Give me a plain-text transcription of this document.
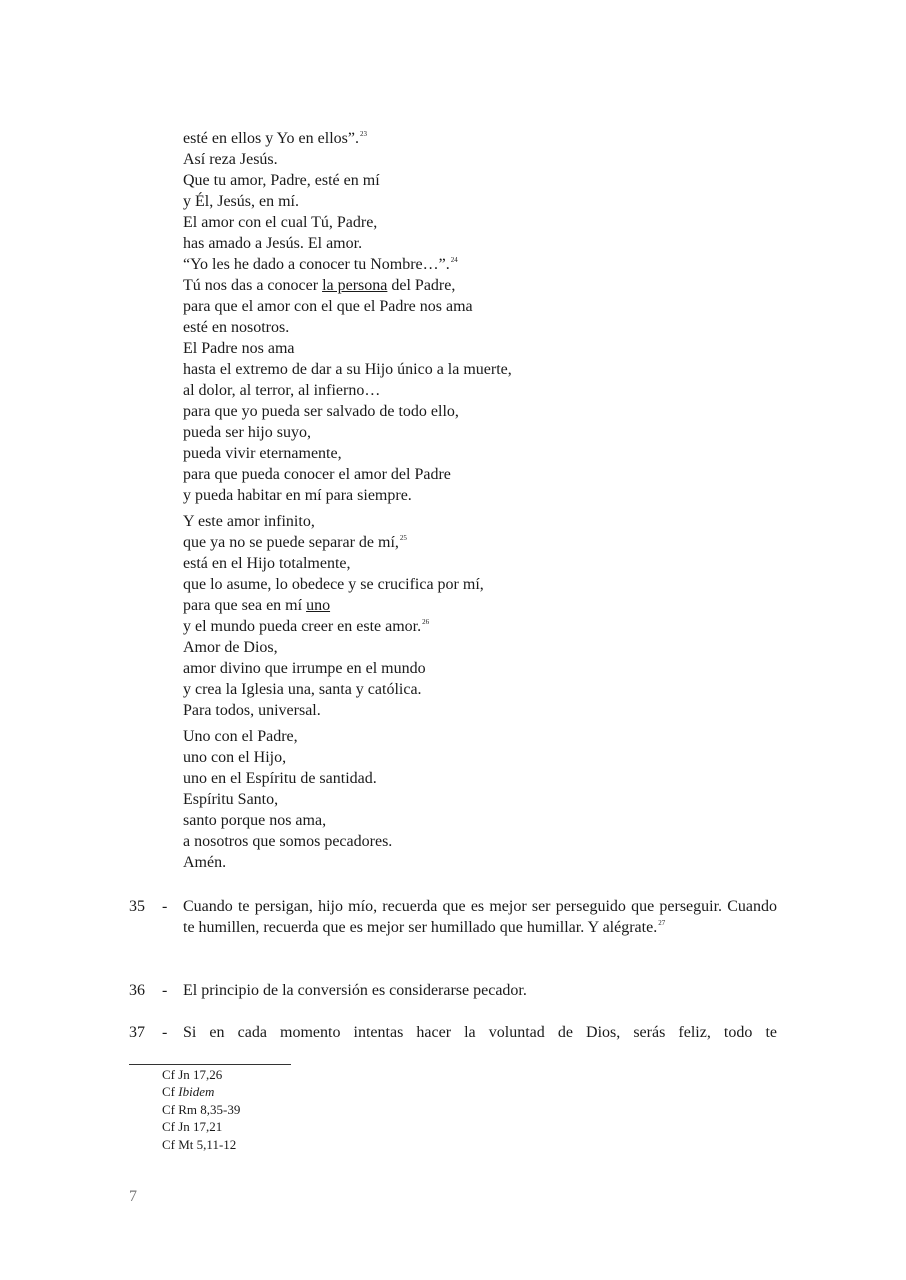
esté en ellos y Yo en ellos”.$^{23}$
Así reza Jesús.
Que tu amor, Padre, esté en mí
y Él, Jesús, en mí.
El amor con el cual Tú, Padre,
has amado a Jesús. El amor.
“Yo les he dado a conocer tu Nombre…”.$^{24}$
Tú nos das a conocer la persona del Padre,
para que el amor con el que el Padre nos ama
esté en nosotros.
El Padre nos ama
hasta el extremo de dar a su Hijo único a la muerte,
al dolor, al terror, al infierno…
para que yo pueda ser salvado de todo ello,
pueda ser hijo suyo,
pueda vivir eternamente,
para que pueda conocer el amor del Padre
y pueda habitar en mí para siempre.
Y este amor infinito,
que ya no se puede separar de mí,$^{25}$
está en el Hijo totalmente,
que lo asume, lo obedece y se crucifica por mí,
para que sea en mí uno
y el mundo pueda creer en este amor.$^{26}$
Amor de Dios,
amor divino que irrumpe en el mundo
y crea la Iglesia una, santa y católica.
Para todos, universal.
Uno con el Padre,
uno con el Hijo,
uno en el Espíritu de santidad.
Espíritu Santo,
santo porque nos ama,
a nosotros que somos pecadores.
Amén.
35 - Cuando te persigan, hijo mío, recuerda que es mejor ser perseguido que perseguir. Cuando te humillen, recuerda que es mejor ser humillado que humillar. Y alégrate.$^{27}$
36 - El principio de la conversión es considerarse pecador.
37 - Si en cada momento intentas hacer la voluntad de Dios, serás feliz, todo te
Cf Jn 17,26
Cf Ibidem
Cf Rm 8,35-39
Cf Jn 17,21
Cf Mt 5,11-12
7
